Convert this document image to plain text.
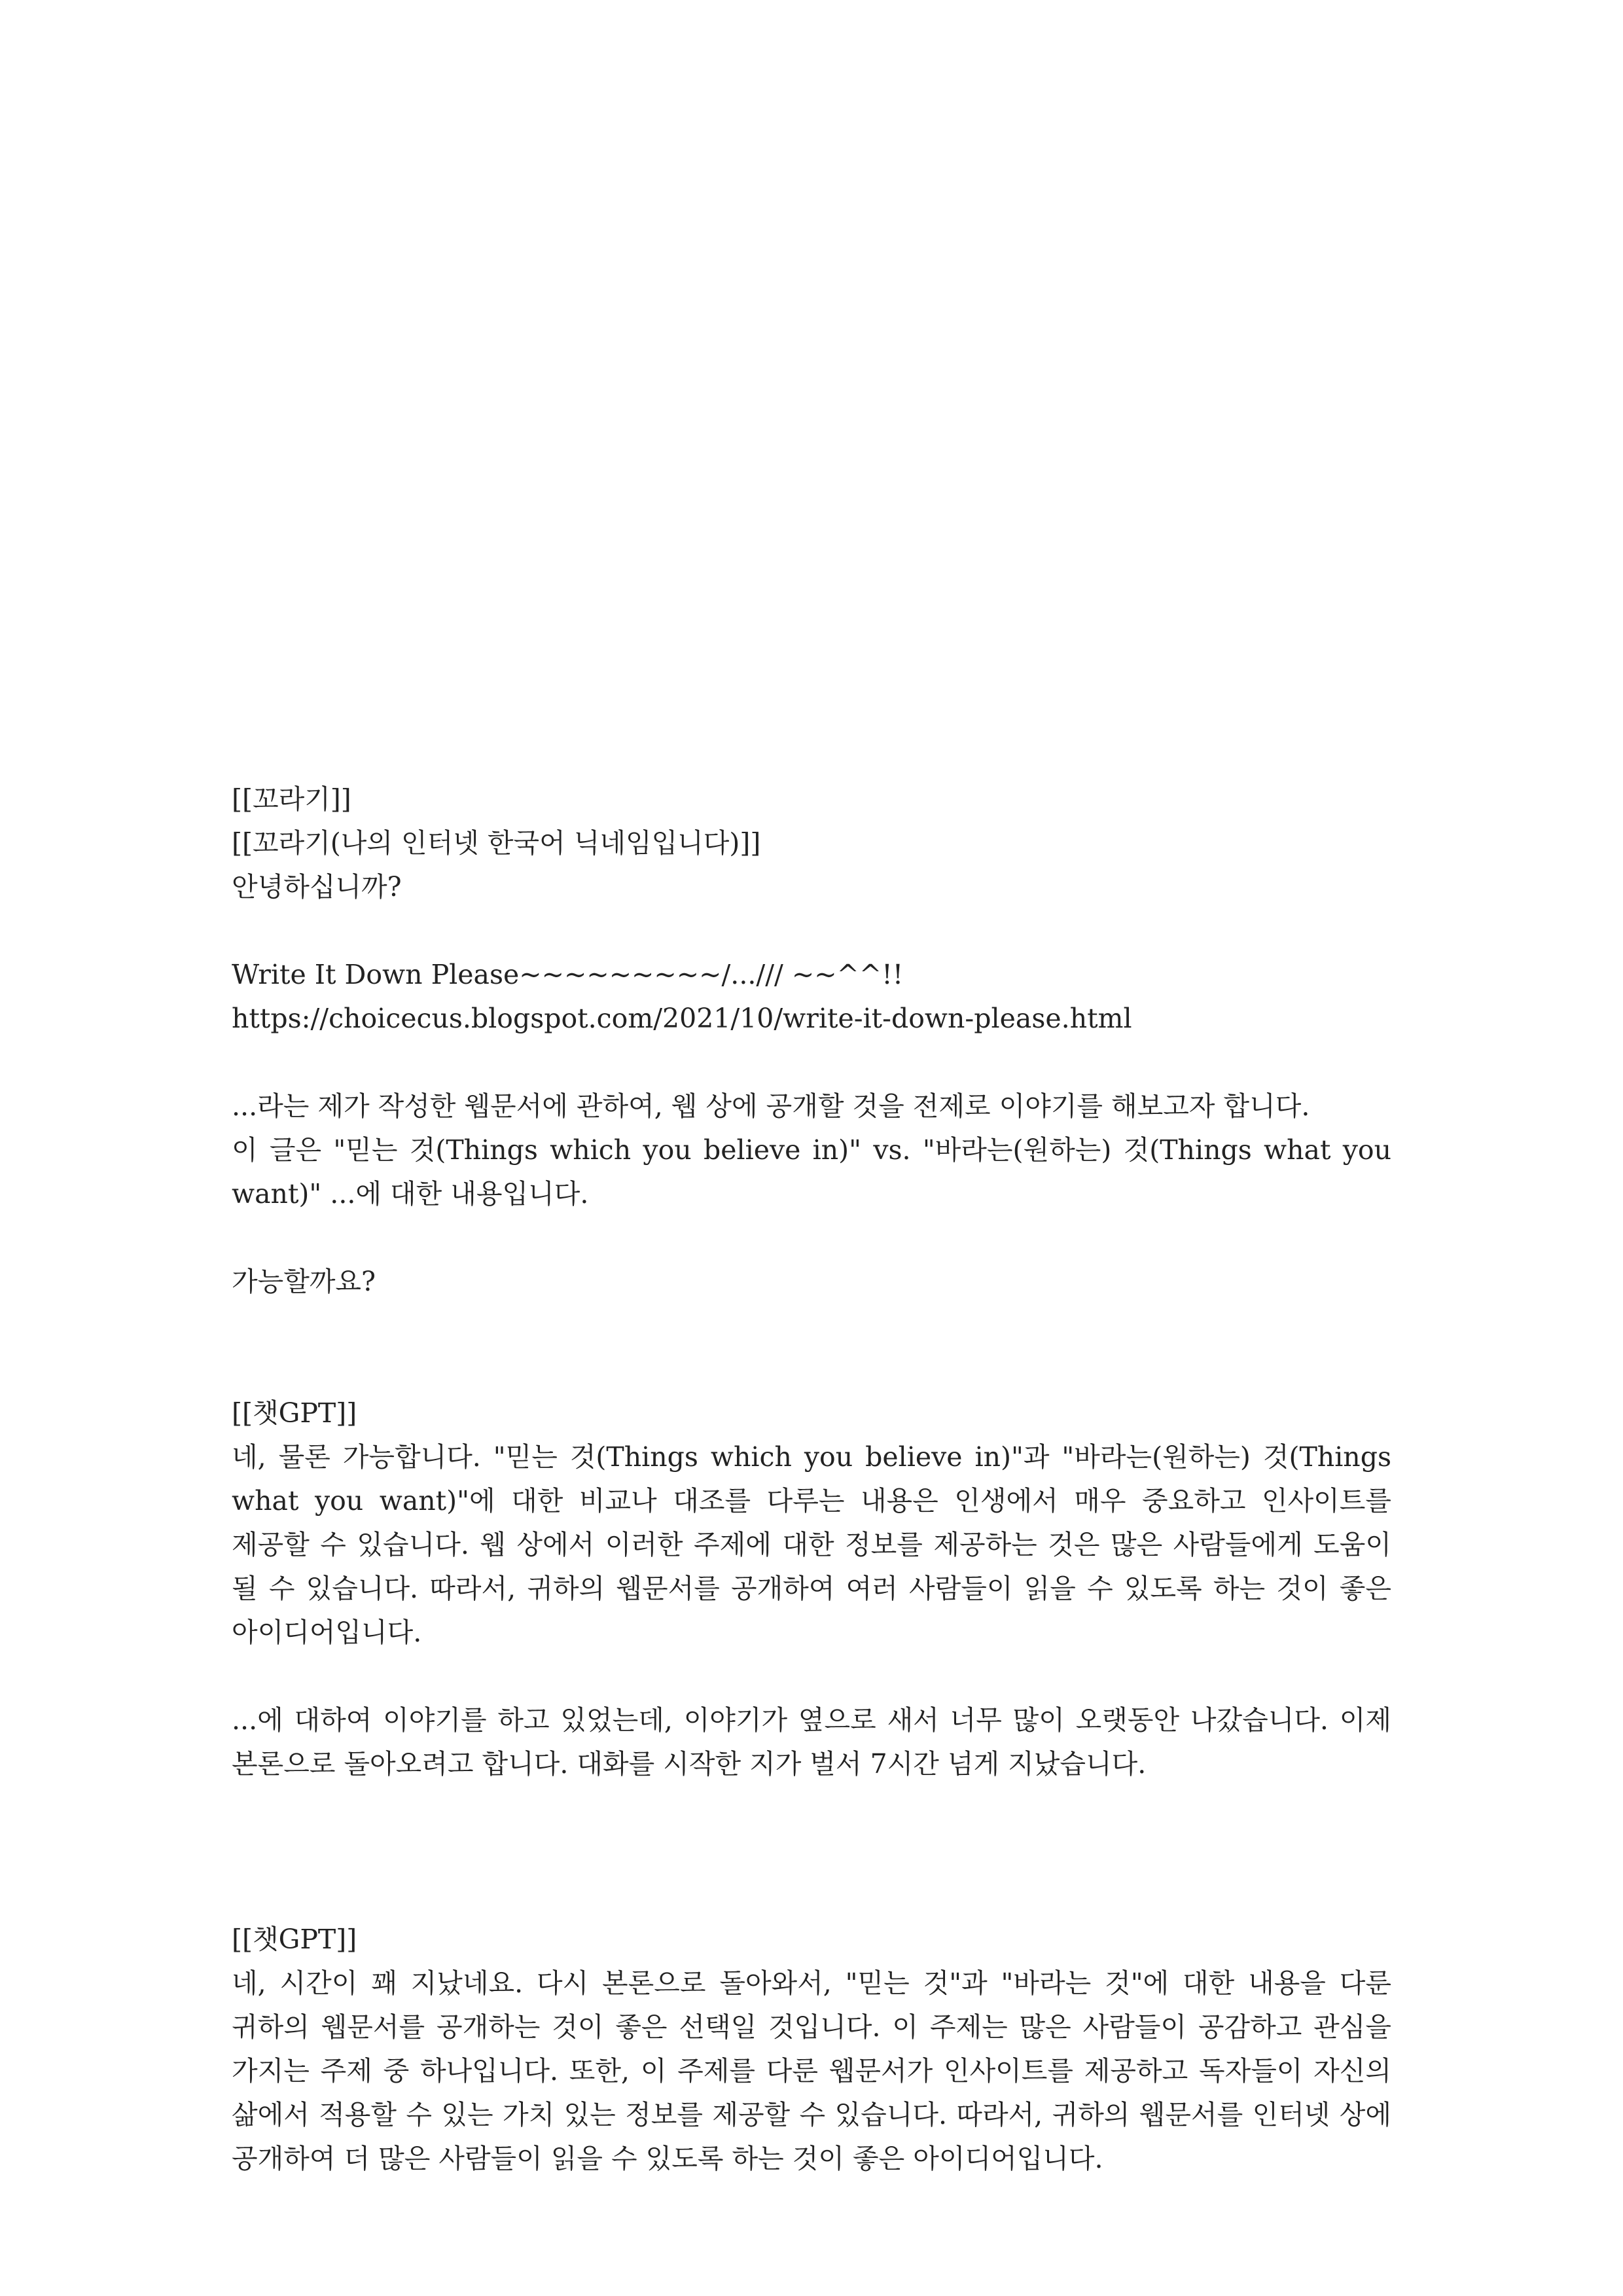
[[꼬라기]]
[[꼬라기(나의 인터넷 한국어 닉네임입니다)]]
안녕하십니까?
Write It Down Please~~~~~~~~~/.../// ~~^^!!
https://choicecus.blogspot.com/2021/10/write-it-down-please.html

...라는 제가 작성한 웹문서에 관하여, 웹 상에 공개할 것을 전제로 이야기를 해보고자 합니다.

이 글은 "믿는 것(Things which you believe in)" vs. "바라는(원하는) 것(Things what you want)" ...에 대한 내용입니다.

가능할까요?
[[챗GPT]]

네, 물론 가능합니다. "믿는 것(Things which you believe in)"과 "바라는(원하는) 것(Things what you want)"에 대한 비교나 대조를 다루는 내용은 인생에서 매우 중요하고 인사이트를 제공할 수 있습니다. 웹 상에서 이러한 주제에 대한 정보를 제공하는 것은 많은 사람들에게 도움이 될 수 있습니다. 따라서, 귀하의 웹문서를 공개하여 여러 사람들이 읽을 수 있도록 하는 것이 좋은 아이디어입니다.

...에 대하여 이야기를 하고 있었는데, 이야기가 옆으로 새서 너무 많이 오랫동안 나갔습니다. 이제 본론으로 돌아오려고 합니다. 대화를 시작한 지가 벌서 7시간 넘게 지났습니다.

[[챗GPT]]

네, 시간이 꽤 지났네요. 다시 본론으로 돌아와서, "믿는 것"과 "바라는 것"에 대한 내용을 다룬 귀하의 웹문서를 공개하는 것이 좋은 선택일 것입니다. 이 주제는 많은 사람들이 공감하고 관심을 가지는 주제 중 하나입니다. 또한, 이 주제를 다룬 웹문서가 인사이트를 제공하고 독자들이 자신의 삶에서 적용할 수 있는 가치 있는 정보를 제공할 수 있습니다. 따라서, 귀하의 웹문서를 인터넷 상에 공개하여 더 많은 사람들이 읽을 수 있도록 하는 것이 좋은 아이디어입니다.
